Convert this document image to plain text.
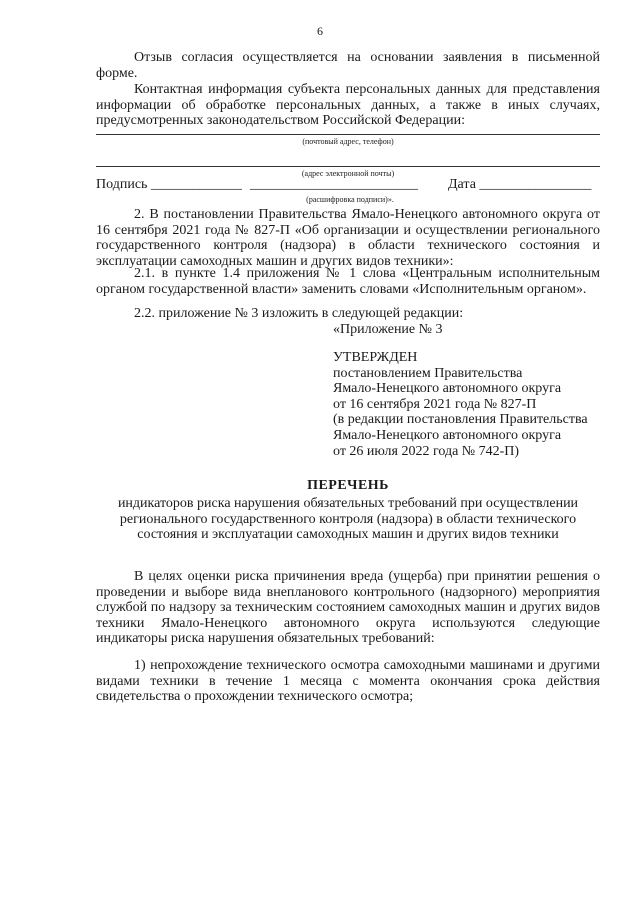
6
Отзыв согласия осуществляется на основании заявления в письменной форме.
Контактная информация субъекта персональных данных для представления информации об обработке персональных данных, а также в иных случаях, предусмотренных законодательством Российской Федерации:
(почтовый адрес, телефон)
(адрес электронной почты)
Подпись _____________ ________________________ Дата ________________
(расшифровка подписи)».
2. В постановлении Правительства Ямало-Ненецкого автономного округа от 16 сентября 2021 года № 827-П «Об организации и осуществлении регионального государственного контроля (надзора) в области технического состояния и эксплуатации самоходных машин и других видов техники»:
2.1. в пункте 1.4 приложения № 1 слова «Центральным исполнительным органом государственной власти» заменить словами «Исполнительным органом».
2.2. приложение № 3 изложить в следующей редакции:
«Приложение № 3
УТВЕРЖДЕН
постановлением Правительства
Ямало-Ненецкого автономного округа
от 16 сентября 2021 года № 827-П
(в редакции постановления Правительства
Ямало-Ненецкого автономного округа
от 26 июля 2022 года № 742-П)
ПЕРЕЧЕНЬ
индикаторов риска нарушения обязательных требований при осуществлении регионального государственного контроля (надзора) в области технического состояния и эксплуатации самоходных машин и других видов техники
В целях оценки риска причинения вреда (ущерба) при принятии решения о проведении и выборе вида внепланового контрольного (надзорного) мероприятия службой по надзору за техническим состоянием самоходных машин и других видов техники Ямало-Ненецкого автономного округа используются следующие индикаторы риска нарушения обязательных требований:
1) непрохождение технического осмотра самоходными машинами и другими видами техники в течение 1 месяца с момента окончания срока действия свидетельства о прохождении технического осмотра;
